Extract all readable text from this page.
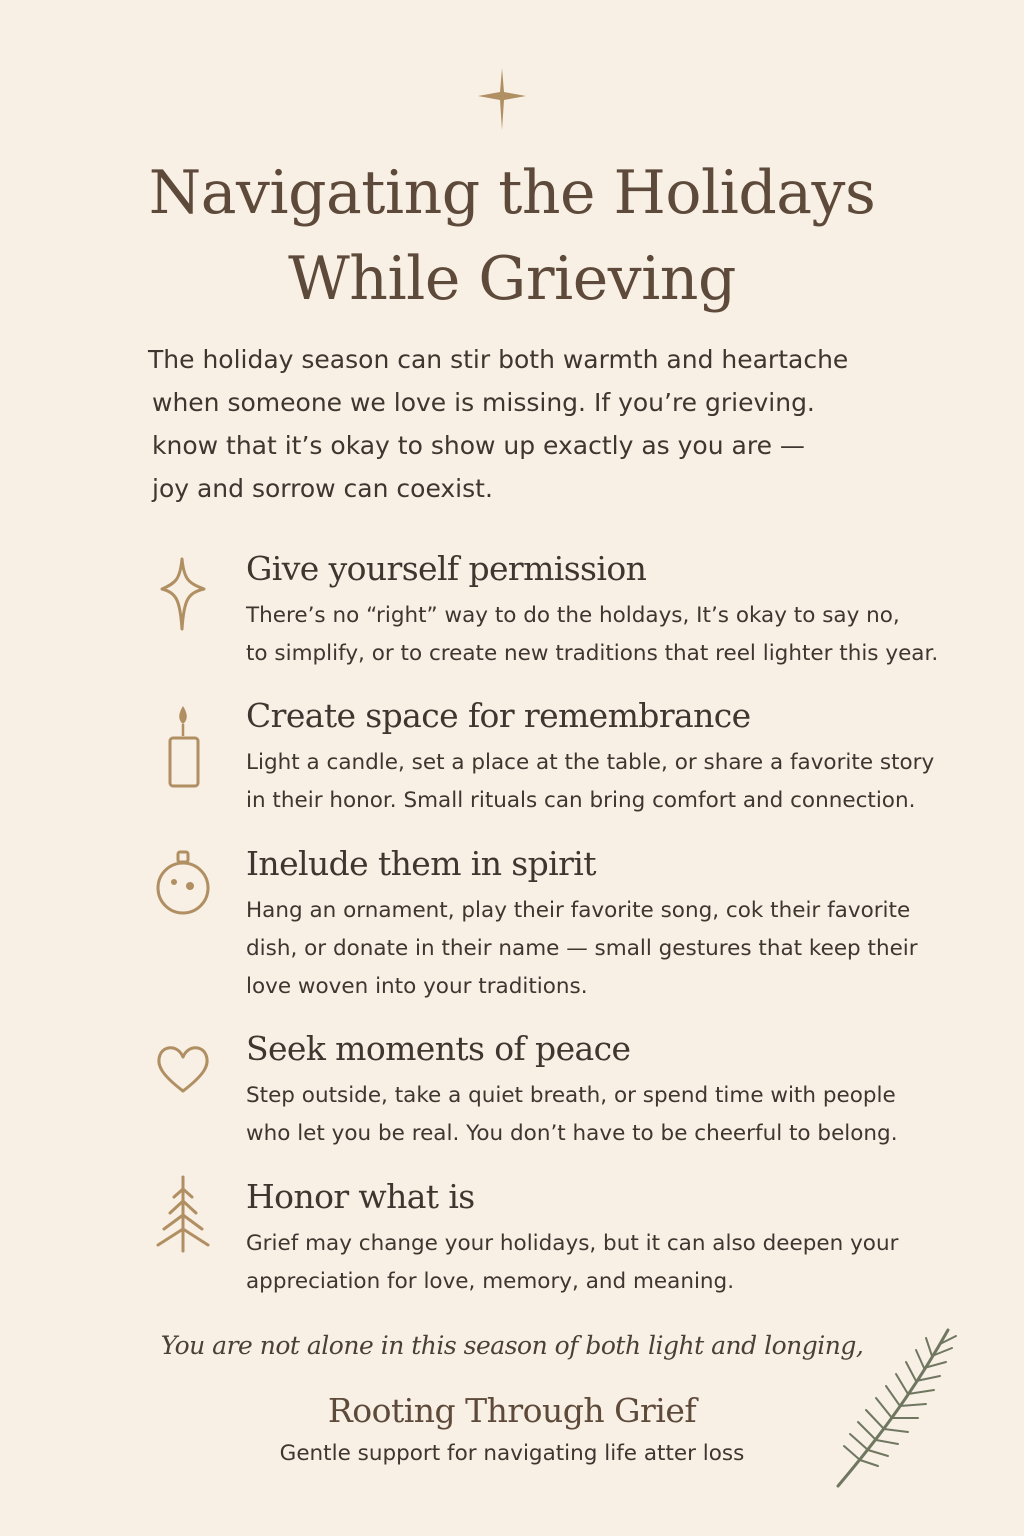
Navigating the Holidays
While Grieving
The holiday season can stir both warmth and heartache
when someone we love is missing. If you’re grieving.
know that it’s okay to show up exactly as you are —
joy and sorrow can coexist.
Give yourself permission
There’s no “right” way to do the holdays, It’s okay to say no,
to simplify, or to create new traditions that reel lighter this year.
Create space for remembrance
Light a candle, set a place at the table, or share a favorite story
in their honor. Small rituals can bring comfort and connection.
Inelude them in spirit
Hang an ornament, play their favorite song, cok their favorite
dish, or donate in their name — small gestures that keep their
love woven into your traditions.
Seek moments of peace
Step outside, take a quiet breath, or spend time with people
who let you be real. You don’t have to be cheerful to belong.
Honor what is
Grief may change your holidays, but it can also deepen your
appreciation for love, memory, and meaning.
You are not alone in this season of both light and longing,
Rooting Through Grief
Gentle support for navigating life atter loss
